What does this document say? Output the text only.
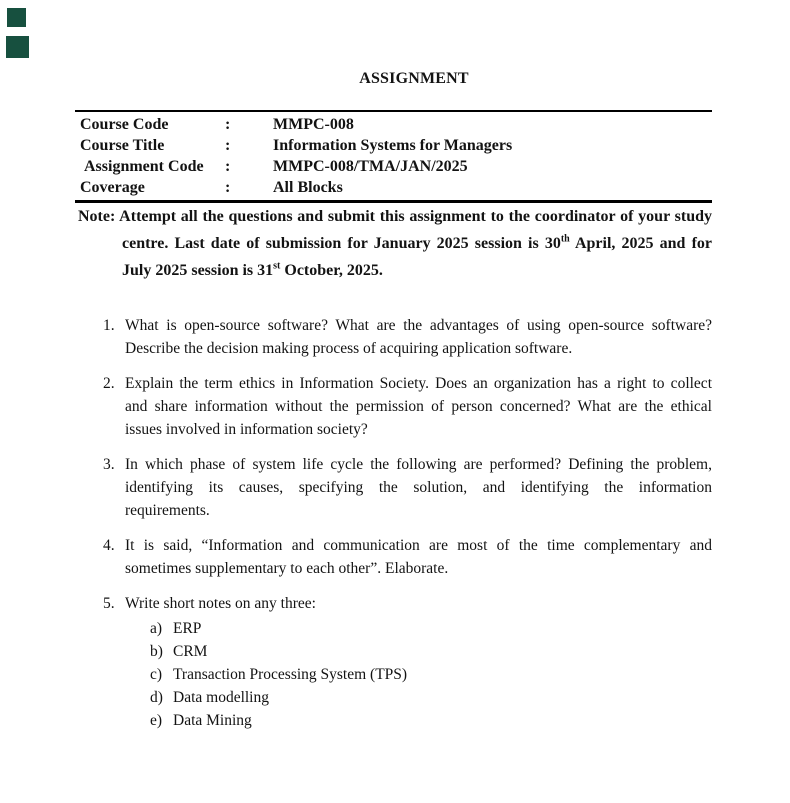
ASSIGNMENT
Course Code	:	MMPC-008
Course Title	:	Information Systems for Managers
Assignment Code	:	MMPC-008/TMA/JAN/2025
Coverage	:	All Blocks
Note: Attempt all the questions and submit this assignment to the coordinator of your study
centre. Last date of submission for January 2025 session is 30th April, 2025 and for
July 2025 session is 31st October, 2025.
1. What is open-source software? What are the advantages of using open-source software?
Describe the decision making process of acquiring application software.
2. Explain the term ethics in Information Society. Does an organization has a right to collect
and share information without the permission of person concerned? What are the ethical
issues involved in information society?
3. In which phase of system life cycle the following are performed? Defining the problem,
identifying its causes, specifying the solution, and identifying the information
requirements.
4. It is said, “Information and communication are most of the time complementary and
sometimes supplementary to each other”. Elaborate.
5. Write short notes on any three:
a) ERP
b) CRM
c) Transaction Processing System (TPS)
d) Data modelling
e) Data Mining
